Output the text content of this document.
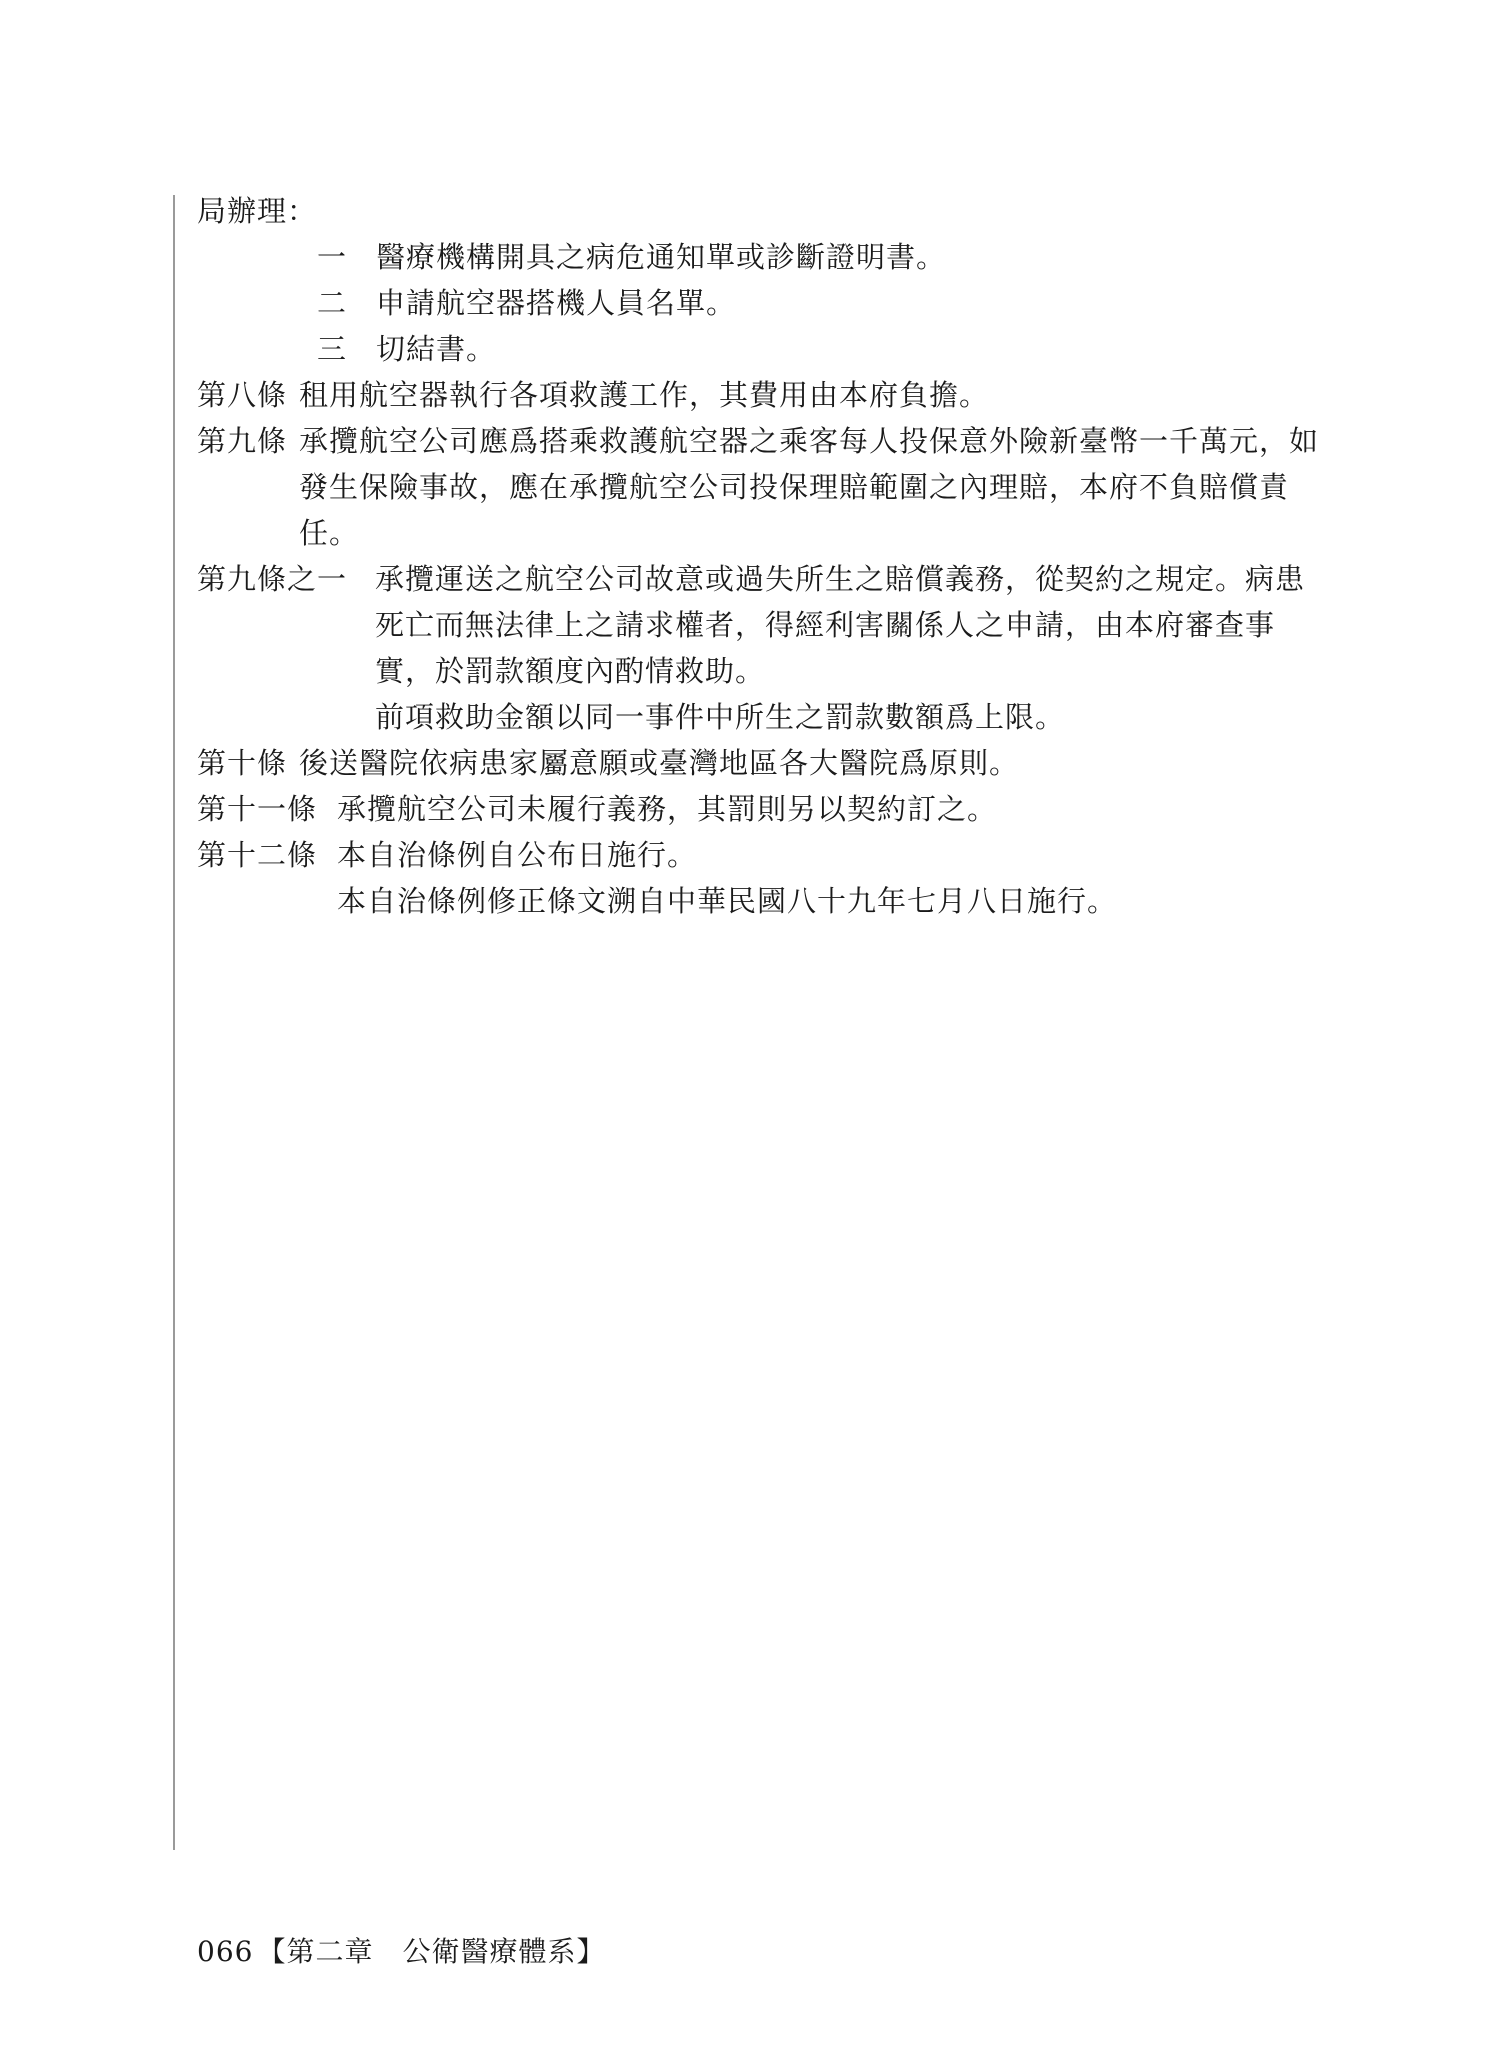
局辦理：
一 醫療機構開具之病危通知單或診斷證明書。
二 申請航空器搭機人員名單。
三 切結書。
第八條 租用航空器執行各項救護工作，其費用由本府負擔。
第九條 承攬航空公司應爲搭乘救護航空器之乘客每人投保意外險新臺幣一千萬元，如發生保險事故，應在承攬航空公司投保理賠範圍之內理賠，本府不負賠償責任。
第九條之一 承攬運送之航空公司故意或過失所生之賠償義務，從契約之規定。病患死亡而無法律上之請求權者，得經利害關係人之申請，由本府審查事實，於罰款額度內酌情救助。
前項救助金額以同一事件中所生之罰款數額爲上限。
第十條 後送醫院依病患家屬意願或臺灣地區各大醫院爲原則。
第十一條 承攬航空公司未履行義務，其罰則另以契約訂之。
第十二條 本自治條例自公布日施行。
本自治條例修正條文溯自中華民國八十九年七月八日施行。
066 【第二章　公衛醫療體系】
